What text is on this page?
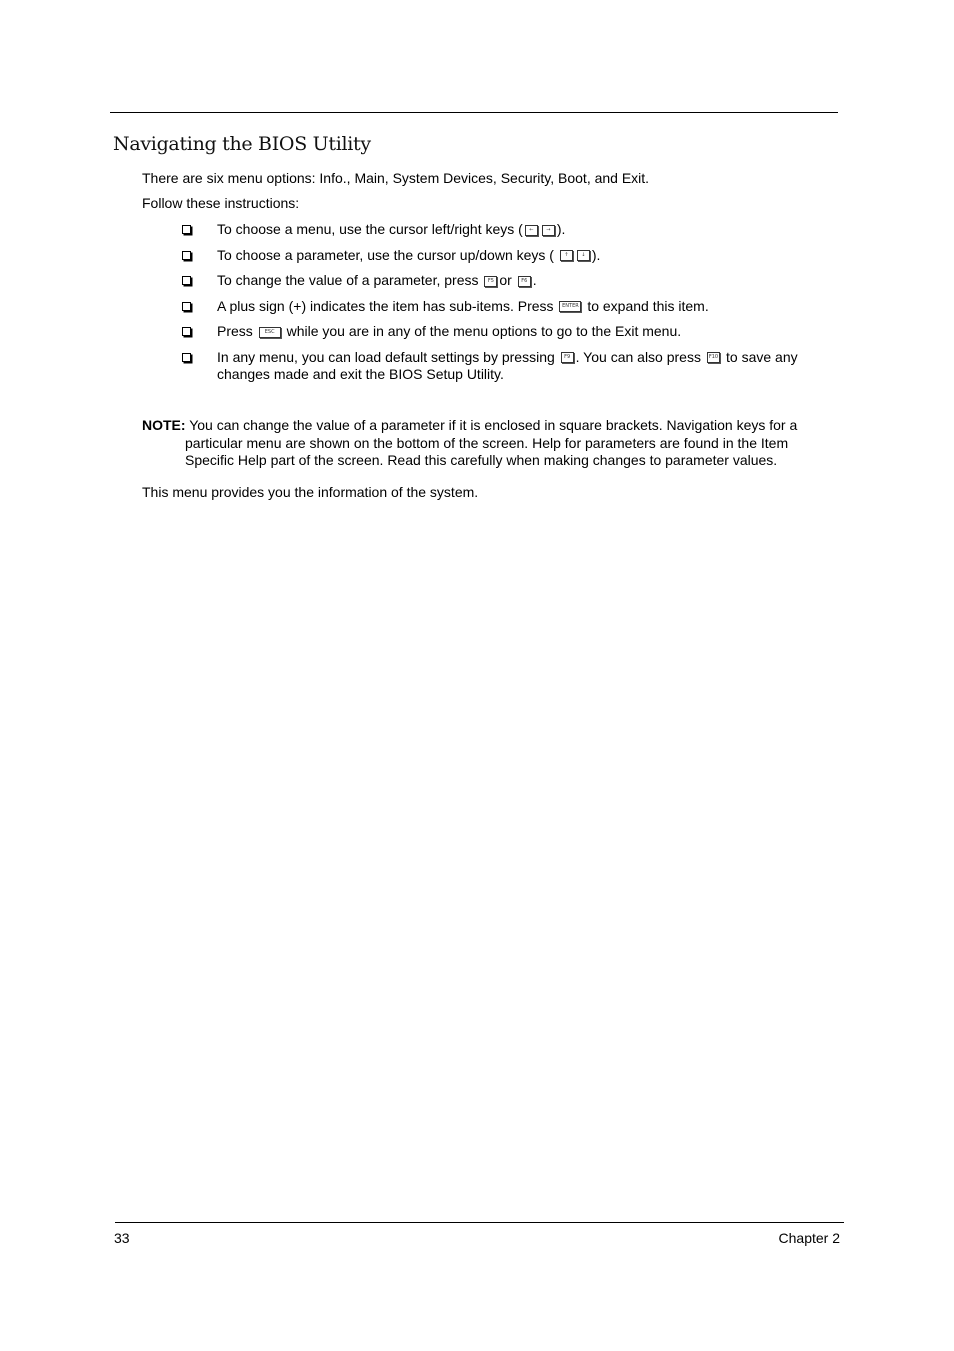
Navigating the BIOS Utility
There are six menu options: Info., Main, System Devices, Security, Boot, and Exit.
Follow these instructions:
To choose a menu, use the cursor left/right keys ( ←	→ ).
To choose a parameter, use the cursor up/down keys ( ↑	↓ ).
To change the value of a parameter, press F5 or F6 .
A plus sign (+) indicates the item has sub-items. Press ENTER to expand this item.
Press ESC while you are in any of the menu options to go to the Exit menu.
In any menu, you can load default settings by pressing F9 . You can also press F10 to save any changes made and exit the BIOS Setup Utility.
NOTE: You can change the value of a parameter if it is enclosed in square brackets. Navigation keys for a
particular menu are shown on the bottom of the screen. Help for parameters are found in the Item
Specific Help part of the screen. Read this carefully when making changes to parameter values.
This menu provides you the information of the system.
33	Chapter 2
